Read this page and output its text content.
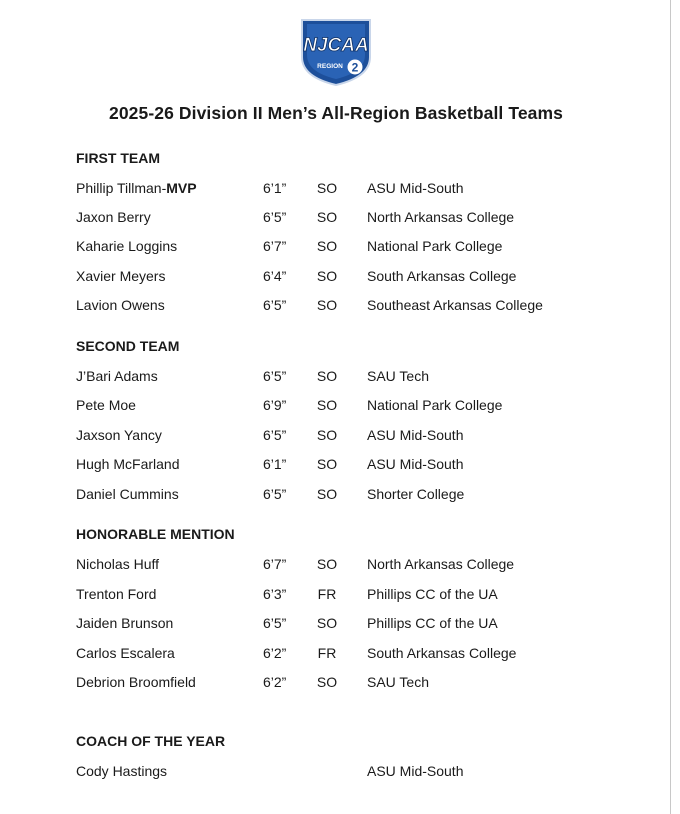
NJCAA
REGION 2
2025-26 Division II Men’s All-Region Basketball Teams
FIRST TEAM
Phillip Tillman-MVP	6’1” SO ASU Mid-South
Jaxon Berry	6’5” SO North Arkansas College
Kaharie Loggins	6’7” SO National Park College
Xavier Meyers	6’4” SO South Arkansas College
Lavion Owens	6’5” SO Southeast Arkansas College
SECOND TEAM
J’Bari Adams	6’5” SO SAU Tech
Pete Moe	6’9” SO National Park College
Jaxson Yancy	6’5” SO ASU Mid-South
Hugh McFarland	6’1” SO ASU Mid-South
Daniel Cummins	6’5” SO Shorter College
HONORABLE MENTION
Nicholas Huff	6’7” SO North Arkansas College
Trenton Ford	6’3” FR Phillips CC of the UA
Jaiden Brunson	6’5” SO Phillips CC of the UA
Carlos Escalera	6’2” FR South Arkansas College
Debrion Broomfield	6’2” SO SAU Tech
COACH OF THE YEAR
Cody Hastings	ASU Mid-South
